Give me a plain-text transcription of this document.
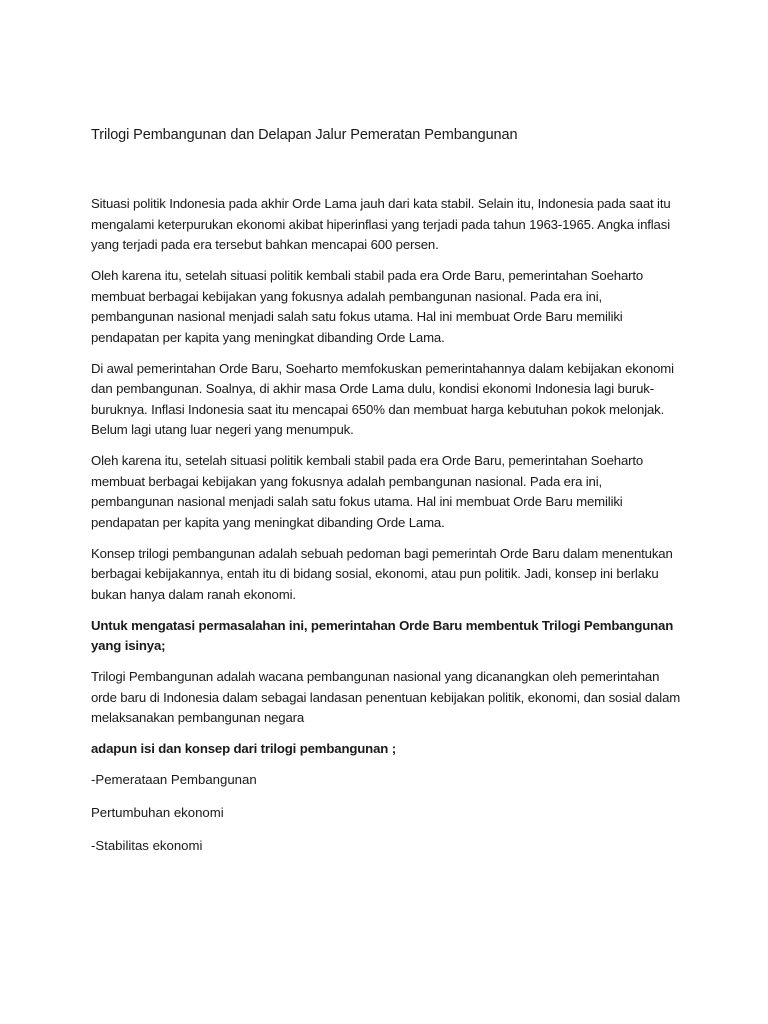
Trilogi Pembangunan dan Delapan Jalur Pemeratan Pembangunan

Situasi politik Indonesia pada akhir Orde Lama jauh dari kata stabil. Selain itu, Indonesia pada saat itu mengalami keterpurukan ekonomi akibat hiperinflasi yang terjadi pada tahun 1963-1965. Angka inflasi yang terjadi pada era tersebut bahkan mencapai 600 persen.

Oleh karena itu, setelah situasi politik kembali stabil pada era Orde Baru, pemerintahan Soeharto membuat berbagai kebijakan yang fokusnya adalah pembangunan nasional. Pada era ini, pembangunan nasional menjadi salah satu fokus utama. Hal ini membuat Orde Baru memiliki pendapatan per kapita yang meningkat dibanding Orde Lama.

Di awal pemerintahan Orde Baru, Soeharto memfokuskan pemerintahannya dalam kebijakan ekonomi dan pembangunan. Soalnya, di akhir masa Orde Lama dulu, kondisi ekonomi Indonesia lagi buruk-buruknya. Inflasi Indonesia saat itu mencapai 650% dan membuat harga kebutuhan pokok melonjak. Belum lagi utang luar negeri yang menumpuk.

Oleh karena itu, setelah situasi politik kembali stabil pada era Orde Baru, pemerintahan Soeharto membuat berbagai kebijakan yang fokusnya adalah pembangunan nasional. Pada era ini, pembangunan nasional menjadi salah satu fokus utama. Hal ini membuat Orde Baru memiliki pendapatan per kapita yang meningkat dibanding Orde Lama.

Konsep trilogi pembangunan adalah sebuah pedoman bagi pemerintah Orde Baru dalam menentukan berbagai kebijakannya, entah itu di bidang sosial, ekonomi, atau pun politik. Jadi, konsep ini berlaku bukan hanya dalam ranah ekonomi.

Untuk mengatasi permasalahan ini, pemerintahan Orde Baru membentuk Trilogi Pembangunan yang isinya;

Trilogi Pembangunan adalah wacana pembangunan nasional yang dicanangkan oleh pemerintahan orde baru di Indonesia dalam sebagai landasan penentuan kebijakan politik, ekonomi, dan sosial dalam melaksanakan pembangunan negara

adapun isi dan konsep dari trilogi pembangunan ;

-Pemerataan Pembangunan

Pertumbuhan ekonomi

-Stabilitas ekonomi
